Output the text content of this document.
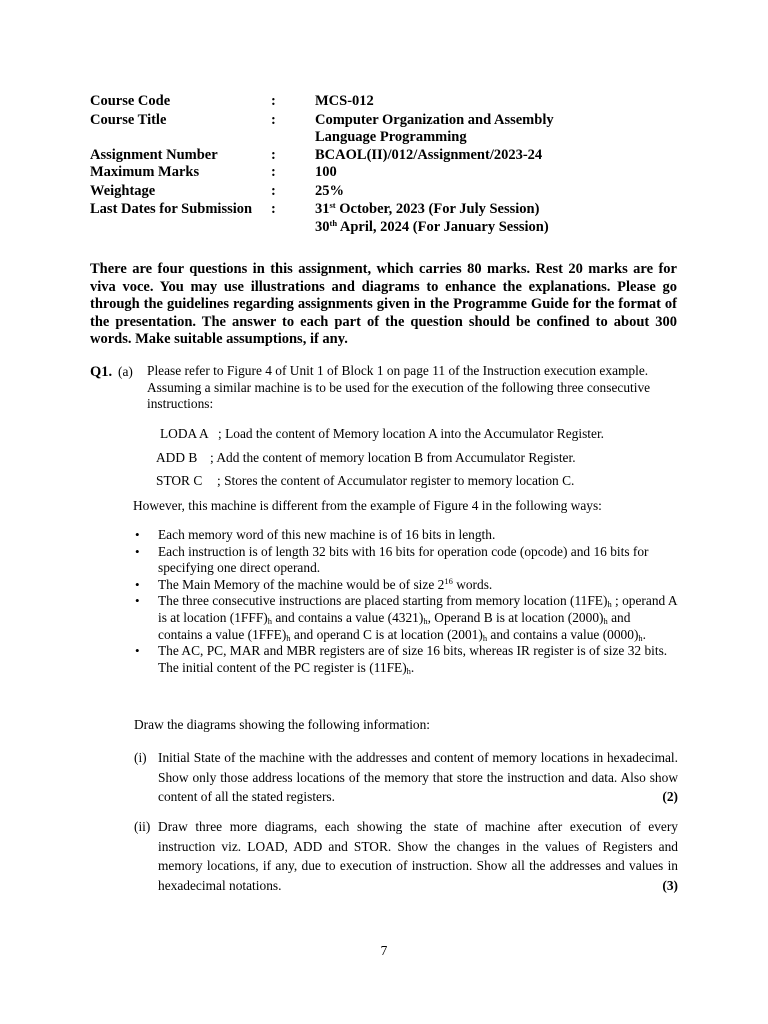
Course Code	:	MCS-012
Course Title	:	Computer Organization and Assembly
Language Programming
Assignment Number	:	BCAOL(II)/012/Assignment/2023-24
Maximum Marks	:	100
Weightage	:	25%
Last Dates for Submission :	31st October, 2023 (For July Session)
30th April, 2024 (For January Session)
There are four questions in this assignment, which carries 80 marks. Rest 20 marks are for viva voce. You may use illustrations and diagrams to enhance the explanations. Please go through the guidelines regarding assignments given in the Programme Guide for the format of the presentation. The answer to each part of the question should be confined to about 300 words. Make suitable assumptions, if any.
Q1. (a) Please refer to Figure 4 of Unit 1 of Block 1 on page 11 of the Instruction execution example. Assuming a similar machine is to be used for the execution of the following three consecutive instructions:
LODA A ; Load the content of Memory location A into the Accumulator Register.
ADD B ; Add the content of memory location B from Accumulator Register.
STOR C ; Stores the content of Accumulator register to memory location C.
However, this machine is different from the example of Figure 4 in the following ways:
• Each memory word of this new machine is of 16 bits in length.
• Each instruction is of length 32 bits with 16 bits for operation code (opcode) and 16 bits for specifying one direct operand.
• The Main Memory of the machine would be of size $2^{16}$ words.
• The three consecutive instructions are placed starting from memory location $(11FE)_h$ ; operand A is at location $(1FFF)_h$ and contains a value $(4321)_h$, Operand B is at location $(2000)_h$ and contains a value $(1FFE)_h$ and operand C is at location $(2001)_h$ and contains a value $(0000)_h$.
• The AC, PC, MAR and MBR registers are of size 16 bits, whereas IR register is of size 32 bits. The initial content of the PC register is $(11FE)_h$.
Draw the diagrams showing the following information:
(i) Initial State of the machine with the addresses and content of memory locations in hexadecimal. Show only those address locations of the memory that store the instruction and data. Also show content of all the stated registers.	(2)
(ii) Draw three more diagrams, each showing the state of machine after execution of every instruction viz. LOAD, ADD and STOR. Show the changes in the values of Registers and memory locations, if any, due to execution of instruction. Show all the addresses and values in hexadecimal notations.	(3)
7
